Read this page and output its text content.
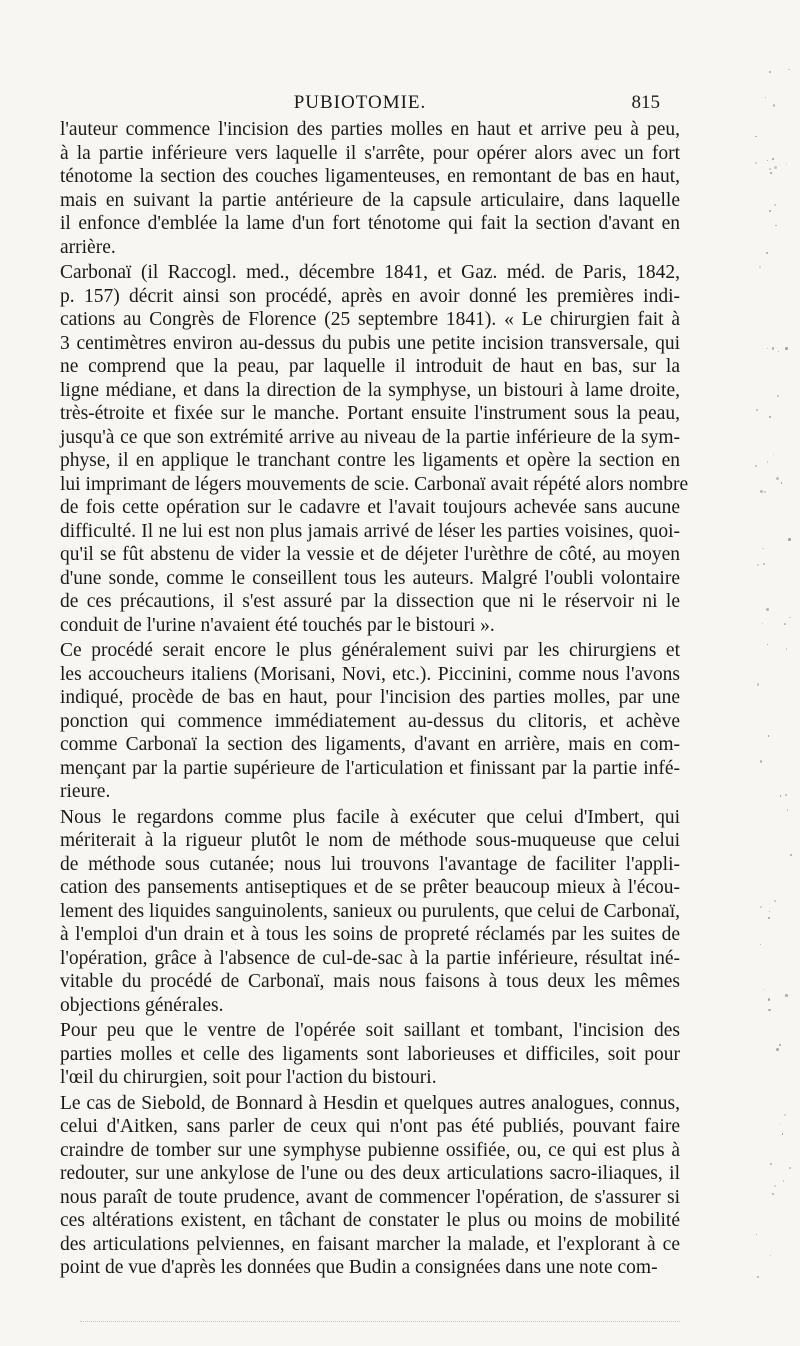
PUBIOTOMIE.	815
l'auteur commence l'incision des parties molles en haut et arrive peu à peu,
à la partie inférieure vers laquelle il s'arrête, pour opérer alors avec un fort
ténotome la section des couches ligamenteuses, en remontant de bas en haut,
mais en suivant la partie antérieure de la capsule articulaire, dans laquelle
il enfonce d'emblée la lame d'un fort ténotome qui fait la section d'avant en
arrière.
Carbonaï (il Raccogl. med., décembre 1841, et Gaz. méd. de Paris, 1842,
p. 157) décrit ainsi son procédé, après en avoir donné les premières indi-
cations au Congrès de Florence (25 septembre 1841). « Le chirurgien fait à
3 centimètres environ au-dessus du pubis une petite incision transversale, qui
ne comprend que la peau, par laquelle il introduit de haut en bas, sur la
ligne médiane, et dans la direction de la symphyse, un bistouri à lame droite,
très-étroite et fixée sur le manche. Portant ensuite l'instrument sous la peau,
jusqu'à ce que son extrémité arrive au niveau de la partie inférieure de la sym-
physe, il en applique le tranchant contre les ligaments et opère la section en
lui imprimant de légers mouvements de scie. Carbonaï avait répété alors nombre
de fois cette opération sur le cadavre et l'avait toujours achevée sans aucune
difficulté. Il ne lui est non plus jamais arrivé de léser les parties voisines, quoi-
qu'il se fût abstenu de vider la vessie et de déjeter l'urèthre de côté, au moyen
d'une sonde, comme le conseillent tous les auteurs. Malgré l'oubli volontaire
de ces précautions, il s'est assuré par la dissection que ni le réservoir ni le
conduit de l'urine n'avaient été touchés par le bistouri ».
Ce procédé serait encore le plus généralement suivi par les chirurgiens et
les accoucheurs italiens (Morisani, Novi, etc.). Piccinini, comme nous l'avons
indiqué, procède de bas en haut, pour l'incision des parties molles, par une
ponction qui commence immédiatement au-dessus du clitoris, et achève
comme Carbonaï la section des ligaments, d'avant en arrière, mais en com-
mençant par la partie supérieure de l'articulation et finissant par la partie infé-
rieure.
Nous le regardons comme plus facile à exécuter que celui d'Imbert, qui
mériterait à la rigueur plutôt le nom de méthode sous-muqueuse que celui
de méthode sous cutanée; nous lui trouvons l'avantage de faciliter l'appli-
cation des pansements antiseptiques et de se prêter beaucoup mieux à l'écou-
lement des liquides sanguinolents, sanieux ou purulents, que celui de Carbonaï,
à l'emploi d'un drain et à tous les soins de propreté réclamés par les suites de
l'opération, grâce à l'absence de cul-de-sac à la partie inférieure, résultat iné-
vitable du procédé de Carbonaï, mais nous faisons à tous deux les mêmes
objections générales.
Pour peu que le ventre de l'opérée soit saillant et tombant, l'incision des
parties molles et celle des ligaments sont laborieuses et difficiles, soit pour
l'œil du chirurgien, soit pour l'action du bistouri.
Le cas de Siebold, de Bonnard à Hesdin et quelques autres analogues, connus,
celui d'Aitken, sans parler de ceux qui n'ont pas été publiés, pouvant faire
craindre de tomber sur une symphyse pubienne ossifiée, ou, ce qui est plus à
redouter, sur une ankylose de l'une ou des deux articulations sacro-iliaques, il
nous paraît de toute prudence, avant de commencer l'opération, de s'assurer si
ces altérations existent, en tâchant de constater le plus ou moins de mobilité
des articulations pelviennes, en faisant marcher la malade, et l'explorant à ce
point de vue d'après les données que Budin a consignées dans une note com-
